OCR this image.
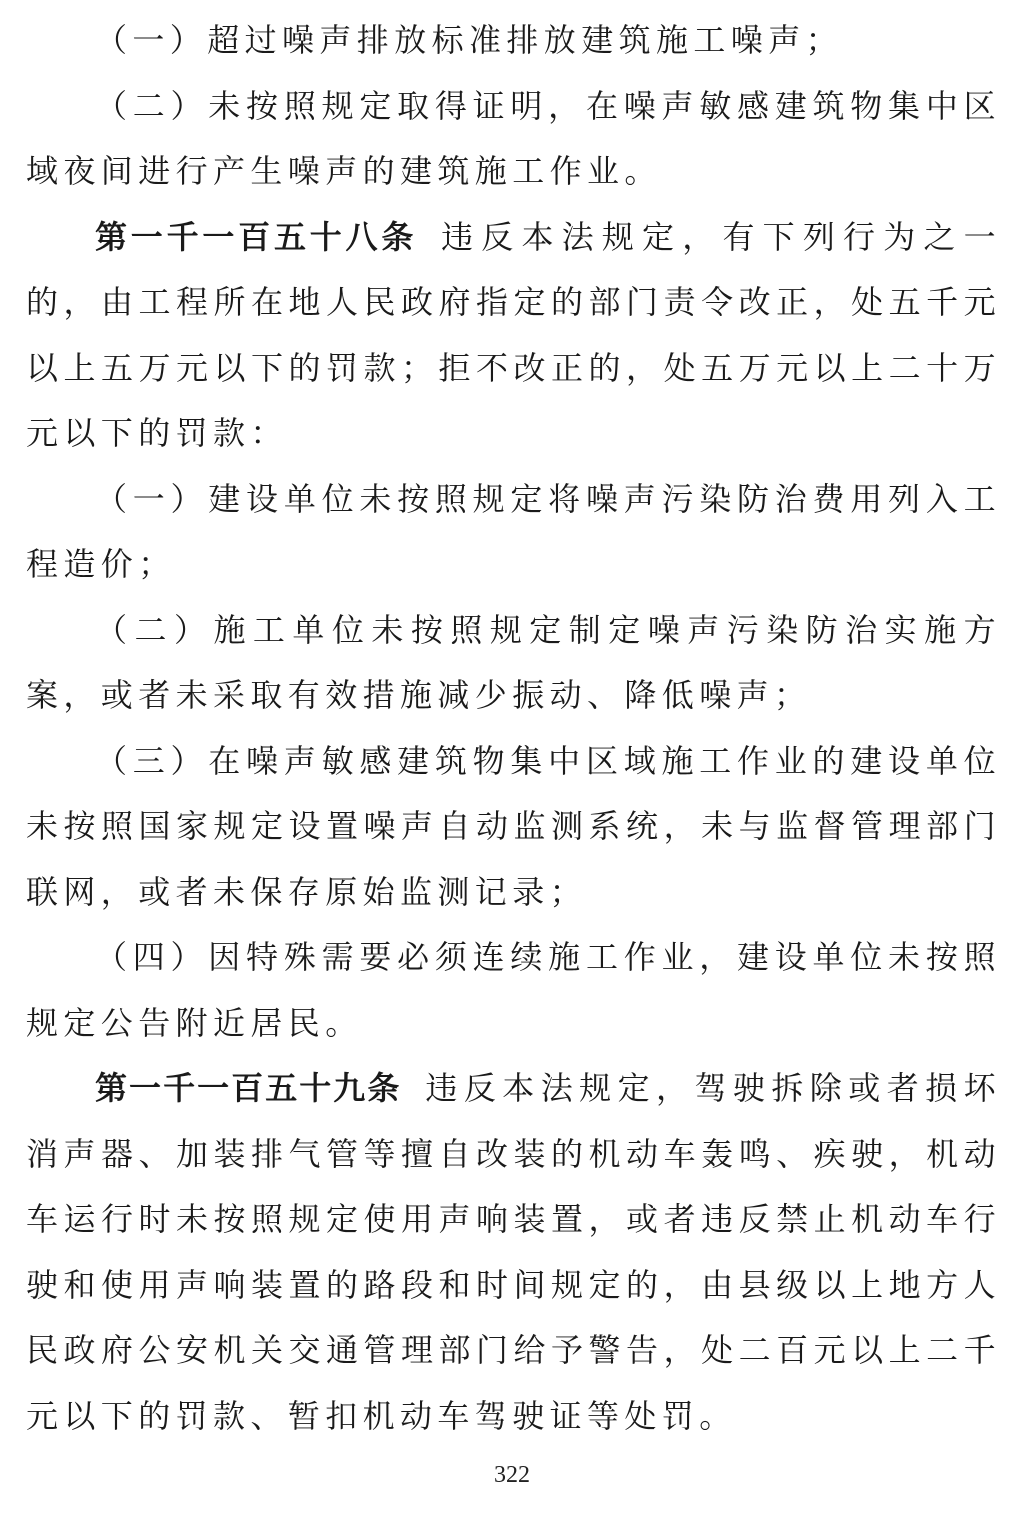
（一）超过噪声排放标准排放建筑施工噪声；

（二）未按照规定取得证明，在噪声敏感建筑物集中区域夜间进行产生噪声的建筑施工作业。

第一千一百五十八条 违反本法规定，有下列行为之一的，由工程所在地人民政府指定的部门责令改正，处五千元以上五万元以下的罚款；拒不改正的，处五万元以上二十万元以下的罚款：

（一）建设单位未按照规定将噪声污染防治费用列入工程造价；

（二）施工单位未按照规定制定噪声污染防治实施方案，或者未采取有效措施减少振动、降低噪声；

（三）在噪声敏感建筑物集中区域施工作业的建设单位未按照国家规定设置噪声自动监测系统，未与监督管理部门联网，或者未保存原始监测记录；

（四）因特殊需要必须连续施工作业，建设单位未按照规定公告附近居民。

第一千一百五十九条 违反本法规定，驾驶拆除或者损坏消声器、加装排气管等擅自改装的机动车轰鸣、疾驶，机动车运行时未按照规定使用声响装置，或者违反禁止机动车行驶和使用声响装置的路段和时间规定的，由县级以上地方人民政府公安机关交通管理部门给予警告，处二百元以上二千元以下的罚款、暂扣机动车驾驶证等处罚。

322
